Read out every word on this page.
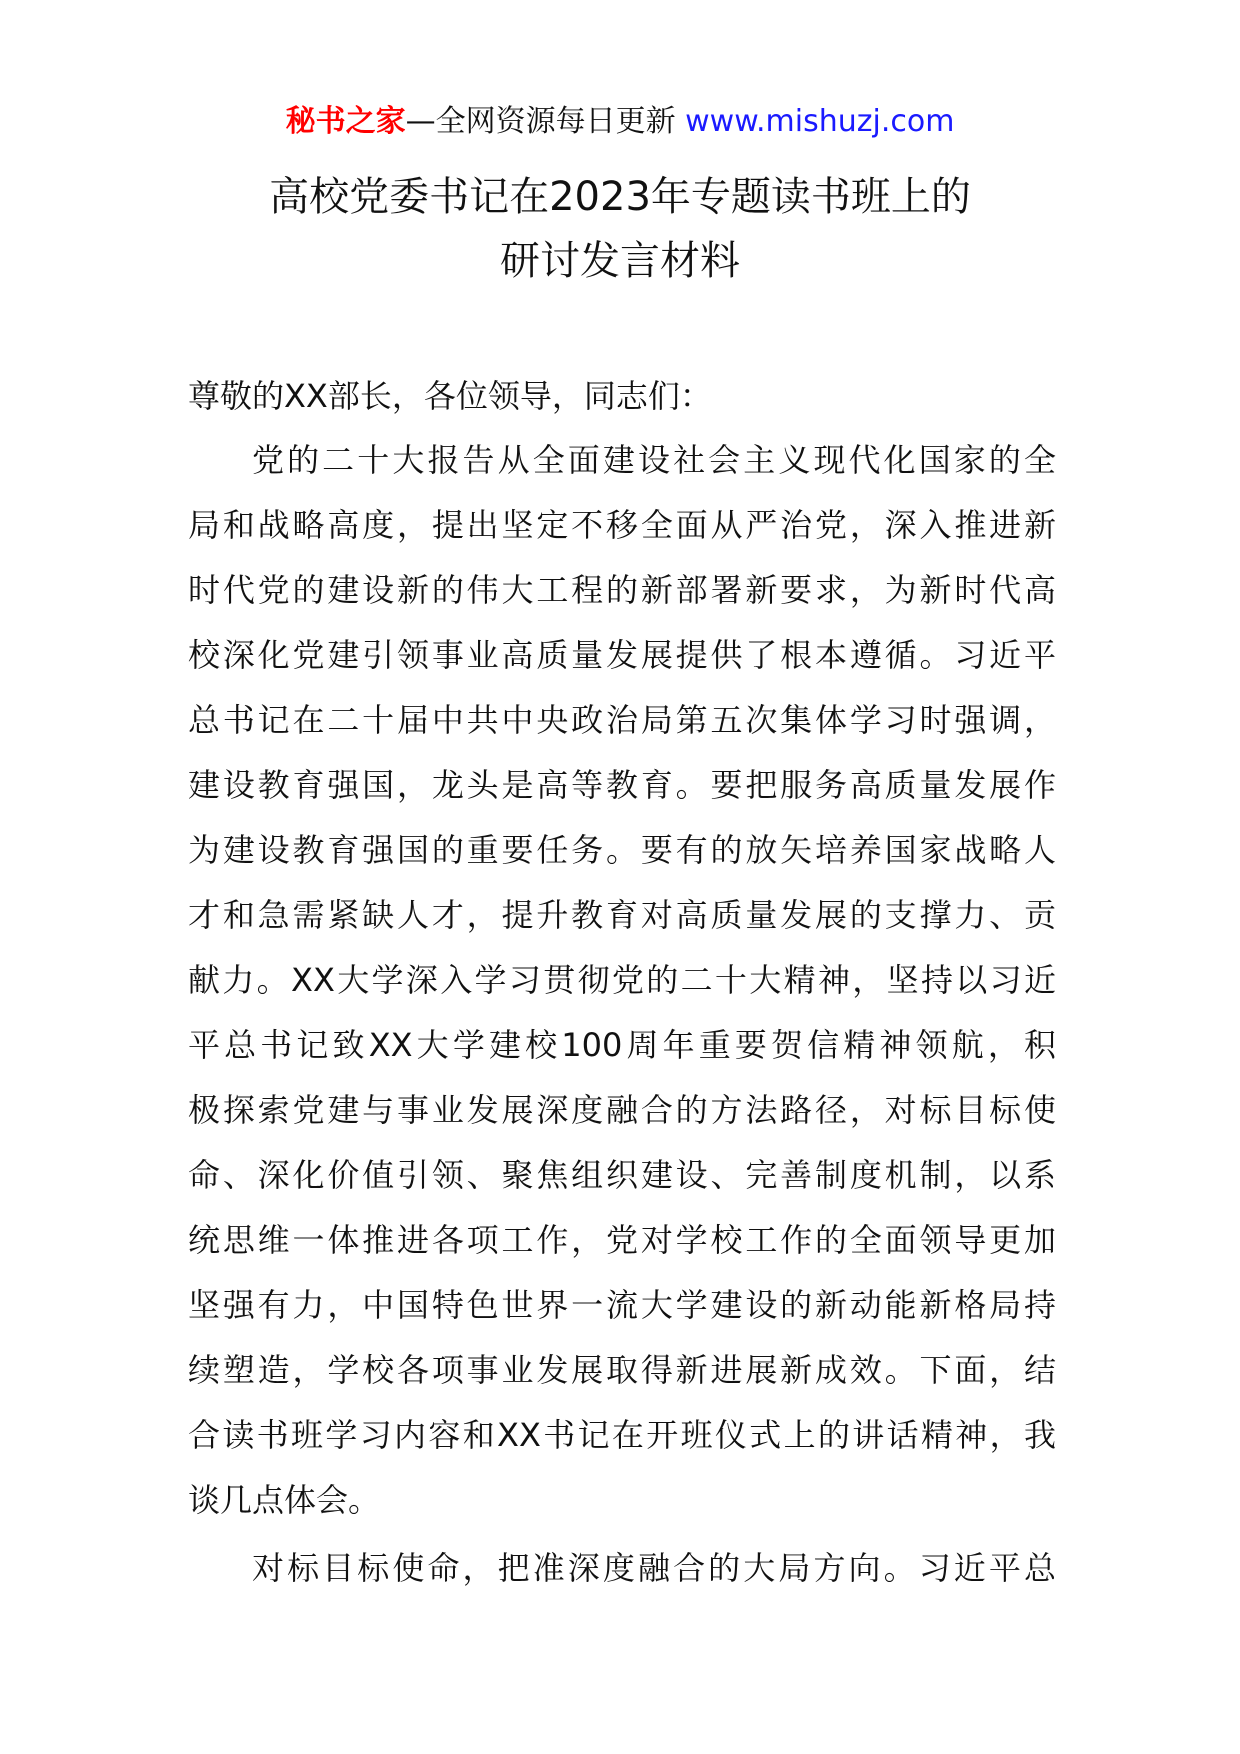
秘书之家—全网资源每日更新 www.mishuzj.com
高校党委书记在2023年专题读书班上的
研讨发言材料
尊敬的XX部长，各位领导，同志们：
党的二十大报告从全面建设社会主义现代化国家的全
局和战略高度，提出坚定不移全面从严治党，深入推进新
时代党的建设新的伟大工程的新部署新要求，为新时代高
校深化党建引领事业高质量发展提供了根本遵循。习近平
总书记在二十届中共中央政治局第五次集体学习时强调，
建设教育强国，龙头是高等教育。要把服务高质量发展作
为建设教育强国的重要任务。要有的放矢培养国家战略人
才和急需紧缺人才，提升教育对高质量发展的支撑力、贡
献力。XX大学深入学习贯彻党的二十大精神，坚持以习近
平总书记致XX大学建校100周年重要贺信精神领航，积
极探索党建与事业发展深度融合的方法路径，对标目标使
命、深化价值引领、聚焦组织建设、完善制度机制，以系
统思维一体推进各项工作，党对学校工作的全面领导更加
坚强有力，中国特色世界一流大学建设的新动能新格局持
续塑造，学校各项事业发展取得新进展新成效。下面，结
合读书班学习内容和XX书记在开班仪式上的讲话精神，我
谈几点体会。
对标目标使命，把准深度融合的大局方向。习近平总
